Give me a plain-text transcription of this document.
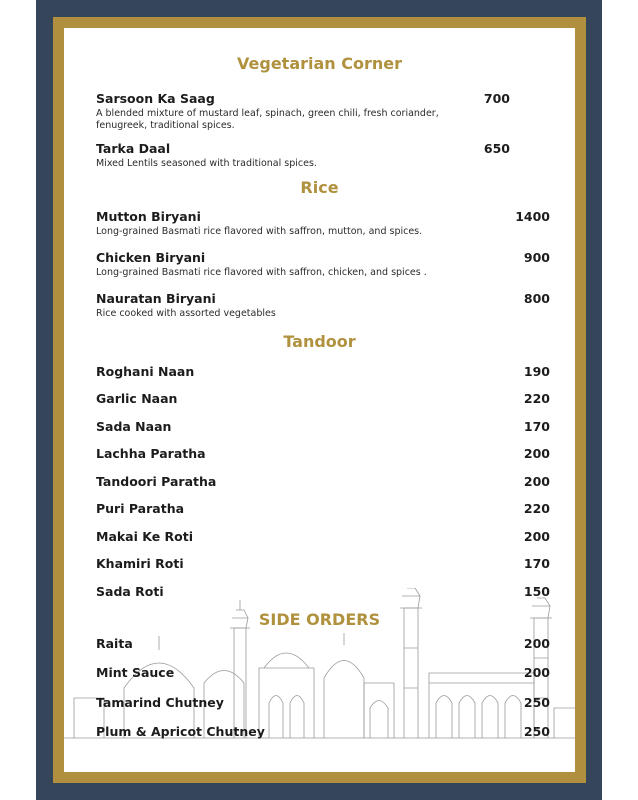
Vegetarian Corner
Sarsoon Ka Saag
A blended mixture of mustard leaf, spinach, green chili, fresh coriander, fenugreek, traditional spices.
700
Tarka Daal
Mixed Lentils seasoned with traditional spices.
650
Rice
Mutton Biryani
Long-grained Basmati rice flavored with saffron, mutton, and spices.
1400
Chicken Biryani
Long-grained Basmati rice flavored with saffron, chicken, and spices .
900
Nauratan Biryani
Rice cooked with assorted vegetables
800
Tandoor
Roghani Naan	190
Garlic Naan	220
Sada Naan	170
Lachha Paratha	200
Tandoori Paratha	200
Puri Paratha	220
Makai Ke Roti	200
Khamiri Roti	170
Sada Roti	150
SIDE ORDERS
Raita	200
Mint Sauce	200
Tamarind Chutney	250
Plum & Apricot Chutney	250
